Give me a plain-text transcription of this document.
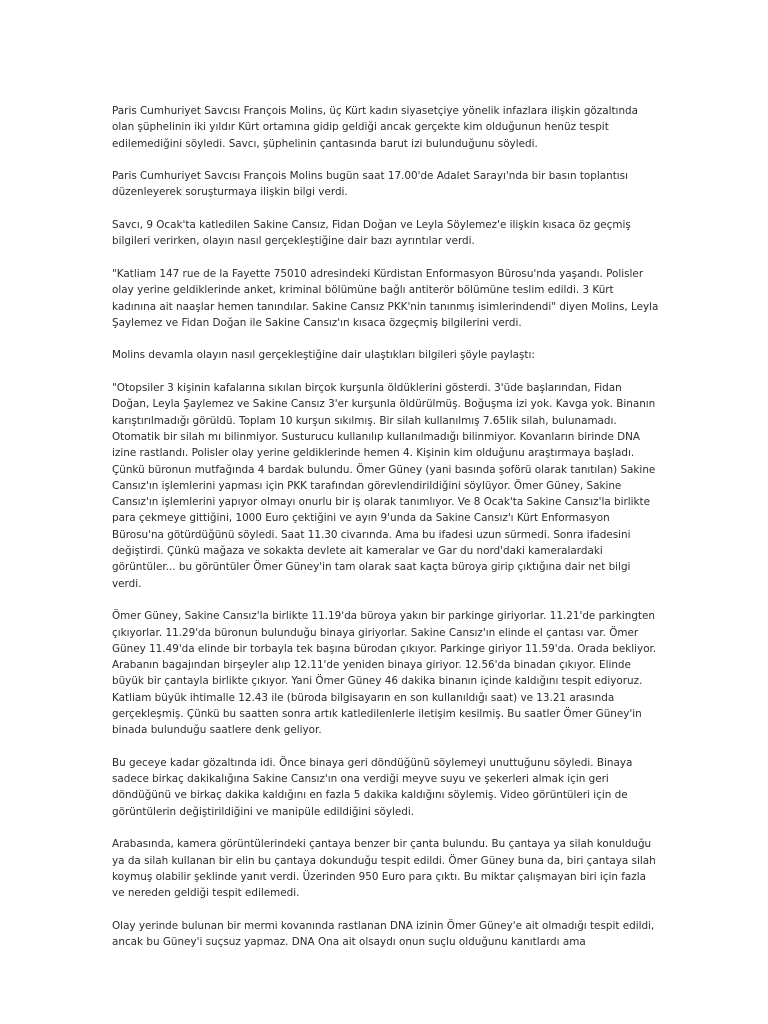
Paris Cumhuriyet Savcısı François Molins, üç Kürt kadın siyasetçiye yönelik infazlara ilişkin gözaltında olan şüphelinin iki yıldır Kürt ortamına gidip geldiği ancak gerçekte kim olduğunun henüz tespit edilemediğini söyledi. Savcı, şüphelinin çantasında barut izi bulunduğunu söyledi.

Paris Cumhuriyet Savcısı François Molins bugün saat 17.00'de Adalet Sarayı'nda bir basın toplantısı düzenleyerek soruşturmaya ilişkin bilgi verdi.

Savcı, 9 Ocak'ta katledilen Sakine Cansız, Fidan Doğan ve Leyla Söylemez'e ilişkin kısaca öz geçmiş bilgileri verirken, olayın nasıl gerçekleştiğine dair bazı ayrıntılar verdi.

"Katliam 147 rue de la Fayette 75010 adresindeki Kürdistan Enformasyon Bürosu'nda yaşandı. Polisler olay yerine geldiklerinde anket, kriminal bölümüne bağlı antiterör bölümüne teslim edildi. 3 Kürt kadınına ait naaşlar hemen tanındılar. Sakine Cansız PKK'nin tanınmış isimlerindendi" diyen Molins, Leyla Şaylemez ve Fidan Doğan ile Sakine Cansız'ın kısaca özgeçmiş bilgilerini verdi.

Molins devamla olayın nasıl gerçekleştiğine dair ulaştıkları bilgileri şöyle paylaştı:

"Otopsiler 3 kişinin kafalarına sıkılan birçok kurşunla öldüklerini gösterdi. 3'üde başlarından, Fidan Doğan, Leyla Şaylemez ve Sakine Cansız 3'er kurşunla öldürülmüş. Boğuşma izi yok. Kavga yok. Binanın karıştırılmadığı görüldü. Toplam 10 kurşun sıkılmış. Bir silah kullanılmış 7.65lik silah, bulunamadı. Otomatik bir silah mı bilinmiyor. Susturucu kullanılıp kullanılmadığı bilinmiyor. Kovanların birinde DNA izine rastlandı. Polisler olay yerine geldiklerinde hemen 4. Kişinin kim olduğunu araştırmaya başladı. Çünkü büronun mutfağında 4 bardak bulundu. Ömer Güney (yani basında şoförü olarak tanıtılan) Sakine Cansız'ın işlemlerini yapması için PKK tarafından görevlendirildiğini söylüyor. Ömer Güney, Sakine Cansız'ın işlemlerini yapıyor olmayı onurlu bir iş olarak tanımlıyor. Ve 8 Ocak'ta Sakine Cansız'la birlikte para çekmeye gittiğini, 1000 Euro çektiğini ve ayın 9'unda da Sakine Cansız'ı Kürt Enformasyon Bürosu'na götürdüğünü söyledi. Saat 11.30 civarında. Ama bu ifadesi uzun sürmedi. Sonra ifadesini değiştirdi. Çünkü mağaza ve sokakta devlete ait kameralar ve Gar du nord'daki kameralardaki görüntüler... bu görüntüler Ömer Güney'in tam olarak saat kaçta büroya girip çıktığına dair net bilgi verdi.

Ömer Güney, Sakine Cansız'la birlikte 11.19'da büroya yakın bir parkinge giriyorlar. 11.21'de parkingten çıkıyorlar. 11.29'da büronun bulunduğu binaya giriyorlar. Sakine Cansız'ın elinde el çantası var. Ömer Güney 11.49'da elinde bir torbayla tek başına bürodan çıkıyor. Parkinge giriyor 11.59'da. Orada bekliyor. Arabanın bagajından birşeyler alıp 12.11'de yeniden binaya giriyor. 12.56'da binadan çıkıyor. Elinde büyük bir çantayla birlikte çıkıyor. Yani Ömer Güney 46 dakika binanın içinde kaldığını tespit ediyoruz. Katliam büyük ihtimalle 12.43 ile (büroda bilgisayarın en son kullanıldığı saat) ve 13.21 arasında gerçekleşmiş. Çünkü bu saatten sonra artık katledilenlerle iletişim kesilmiş. Bu saatler Ömer Güney'in binada bulunduğu saatlere denk geliyor.

Bu geceye kadar gözaltında idi. Önce binaya geri döndüğünü söylemeyi unuttuğunu söyledi. Binaya sadece birkaç dakikalığına Sakine Cansız'ın ona verdiği meyve suyu ve şekerleri almak için geri döndüğünü ve birkaç dakika kaldığını en fazla 5 dakika kaldığını söylemiş. Video görüntüleri için de görüntülerin değiştirildiğini ve manipüle edildiğini söyledi.

Arabasında, kamera görüntülerindeki çantaya benzer bir çanta bulundu. Bu çantaya ya silah konulduğu ya da silah kullanan bir elin bu çantaya dokunduğu tespit edildi. Ömer Güney buna da, biri çantaya silah koymuş olabilir şeklinde yanıt verdi. Üzerinden 950 Euro para çıktı. Bu miktar çalışmayan biri için fazla ve nereden geldiği tespit edilemedi.

Olay yerinde bulunan bir mermi kovanında rastlanan DNA izinin Ömer Güney'e ait olmadığı tespit edildi, ancak bu Güney'i suçsuz yapmaz. DNA Ona ait olsaydı onun suçlu olduğunu kanıtlardı ama
